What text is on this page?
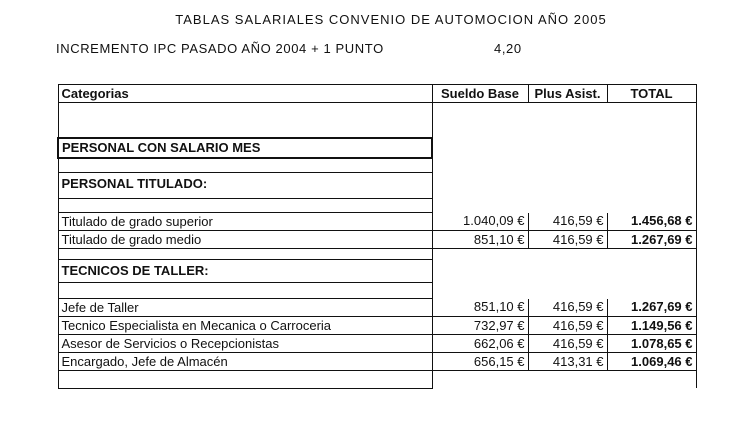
TABLAS SALARIALES CONVENIO DE AUTOMOCION AÑO 2005
INCREMENTO IPC PASADO AÑO 2004 + 1 PUNTO	4,20
Categorias	Sueldo Base	Plus Asist.	TOTAL

PERSONAL CON SALARIO MES			

PERSONAL TITULADO:			

Titulado de grado superior	1.040,09 €	416,59 €	1.456,68 €
Titulado de grado medio	851,10 €	416,59 €	1.267,69 €

TECNICOS DE TALLER:			

Jefe de Taller	851,10 €	416,59 €	1.267,69 €
Tecnico Especialista en Mecanica o Carroceria	732,97 €	416,59 €	1.149,56 €
Asesor de Servicios o Recepcionistas	662,06 €	416,59 €	1.078,65 €
Encargado, Jefe de Almacén	656,15 €	413,31 €	1.069,46 €
